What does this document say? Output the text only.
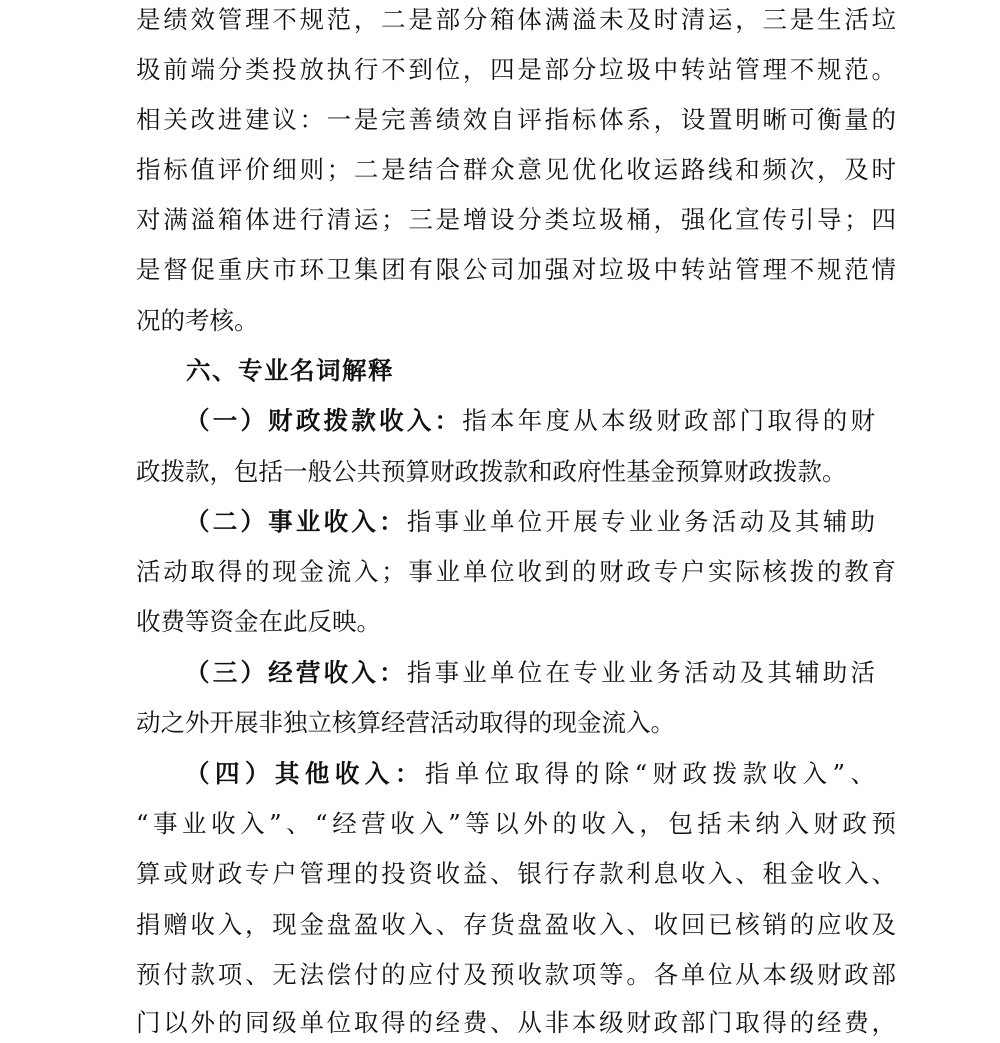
是绩效管理不规范，二是部分箱体满溢未及时清运，三是生活垃
圾前端分类投放执行不到位，四是部分垃圾中转站管理不规范。
相关改进建议：一是完善绩效自评指标体系，设置明晰可衡量的
指标值评价细则；二是结合群众意见优化收运路线和频次，及时
对满溢箱体进行清运；三是增设分类垃圾桶，强化宣传引导；四
是督促重庆市环卫集团有限公司加强对垃圾中转站管理不规范情
况的考核。
六、专业名词解释
（一）财政拨款收入：指本年度从本级财政部门取得的财
政拨款，包括一般公共预算财政拨款和政府性基金预算财政拨款。
（二）事业收入：指事业单位开展专业业务活动及其辅助
活动取得的现金流入；事业单位收到的财政专户实际核拨的教育
收费等资金在此反映。
（三）经营收入：指事业单位在专业业务活动及其辅助活
动之外开展非独立核算经营活动取得的现金流入。
（四）其他收入：指单位取得的除“财政拨款收入”、
“事业收入”、“经营收入”等以外的收入，包括未纳入财政预
算或财政专户管理的投资收益、银行存款利息收入、租金收入、
捐赠收入，现金盘盈收入、存货盘盈收入、收回已核销的应收及
预付款项、无法偿付的应付及预收款项等。各单位从本级财政部
门以外的同级单位取得的经费、从非本级财政部门取得的经费，
